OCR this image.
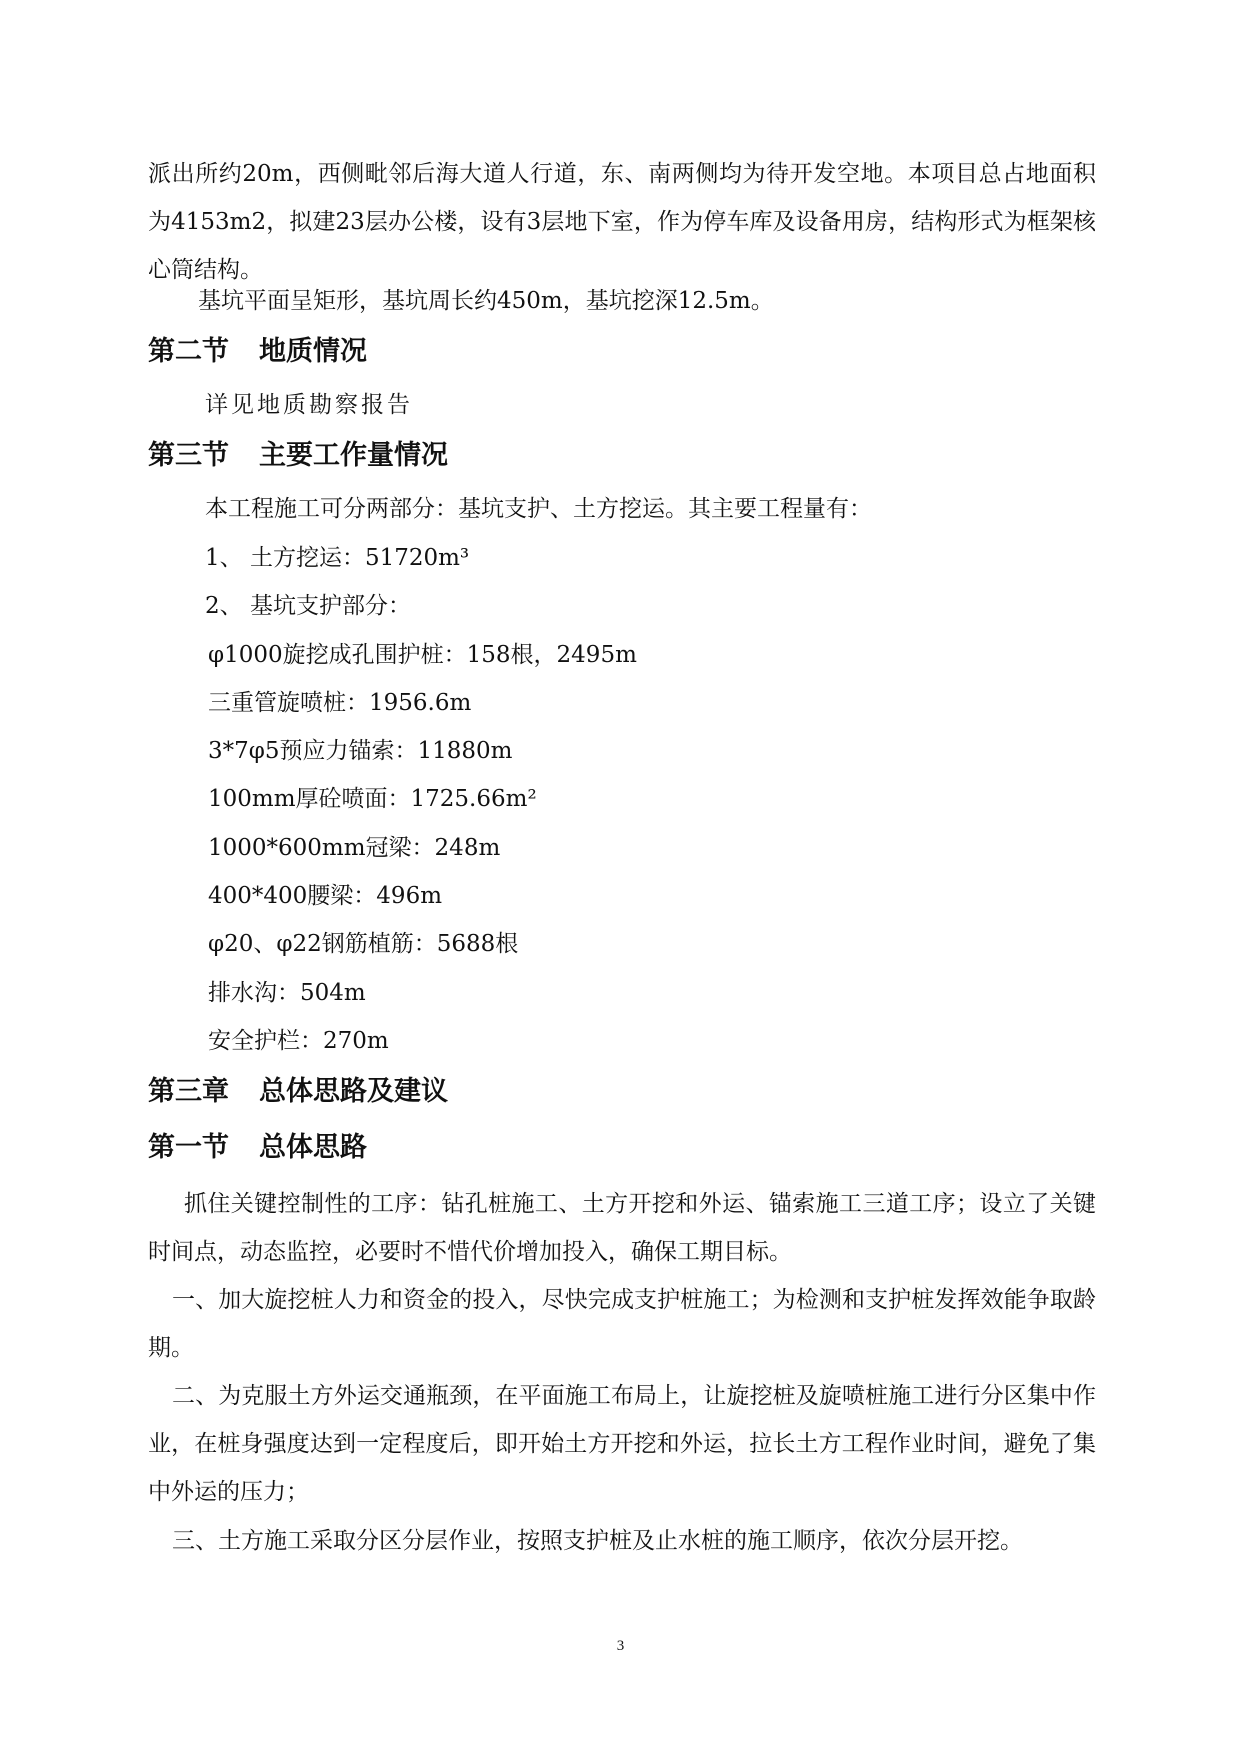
派出所约20m，西侧毗邻后海大道人行道，东、南两侧均为待开发空地。本项目总占地面积为4153m2，拟建23层办公楼，设有3层地下室，作为停车库及设备用房，结构形式为框架核心筒结构。
基坑平面呈矩形，基坑周长约450m，基坑挖深12.5m。
第二节 地质情况
详见地质勘察报告
第三节 主要工作量情况
本工程施工可分两部分：基坑支护、土方挖运。其主要工程量有：
1、 土方挖运：51720m³
2、 基坑支护部分：
φ1000旋挖成孔围护桩：158根，2495m
三重管旋喷桩：1956.6m
3*7φ5预应力锚索：11880m
100mm厚砼喷面：1725.66m²
1000*600mm冠梁：248m
400*400腰梁：496m
φ20、φ22钢筋植筋：5688根
排水沟：504m
安全护栏：270m
第三章 总体思路及建议
第一节 总体思路
抓住关键控制性的工序：钻孔桩施工、土方开挖和外运、锚索施工三道工序；设立了关键时间点，动态监控，必要时不惜代价增加投入，确保工期目标。
一、加大旋挖桩人力和资金的投入，尽快完成支护桩施工；为检测和支护桩发挥效能争取龄期。
二、为克服土方外运交通瓶颈，在平面施工布局上，让旋挖桩及旋喷桩施工进行分区集中作业，在桩身强度达到一定程度后，即开始土方开挖和外运，拉长土方工程作业时间，避免了集中外运的压力；
三、土方施工采取分区分层作业，按照支护桩及止水桩的施工顺序，依次分层开挖。
3
